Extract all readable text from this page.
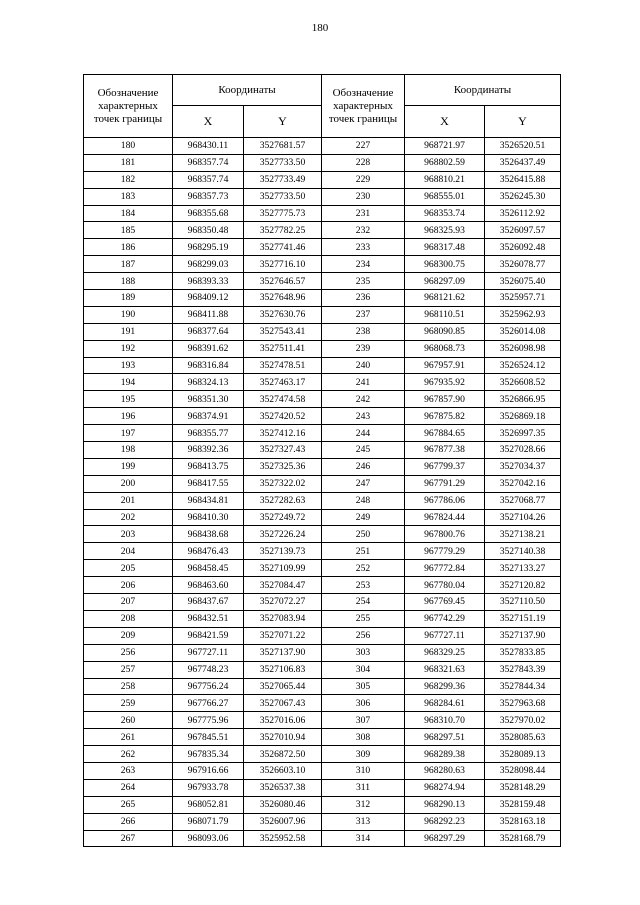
180
Обозначение характерных точек границы	Координаты		Обозначение характерных точек границы	Координаты	
	X	Y		X	Y
180	968430.11	3527681.57	227	968721.97	3526520.51
181	968357.74	3527733.50	228	968802.59	3526437.49
182	968357.74	3527733.49	229	968810.21	3526415.88
183	968357.73	3527733.50	230	968555.01	3526245.30
184	968355.68	3527775.73	231	968353.74	3526112.92
185	968350.48	3527782.25	232	968325.93	3526097.57
186	968295.19	3527741.46	233	968317.48	3526092.48
187	968299.03	3527716.10	234	968300.75	3526078.77
188	968393.33	3527646.57	235	968297.09	3526075.40
189	968409.12	3527648.96	236	968121.62	3525957.71
190	968411.88	3527630.76	237	968110.51	3525962.93
191	968377.64	3527543.41	238	968090.85	3526014.08
192	968391.62	3527511.41	239	968068.73	3526098.98
193	968316.84	3527478.51	240	967957.91	3526524.12
194	968324.13	3527463.17	241	967935.92	3526608.52
195	968351.30	3527474.58	242	967857.90	3526866.95
196	968374.91	3527420.52	243	967875.82	3526869.18
197	968355.77	3527412.16	244	967884.65	3526997.35
198	968392.36	3527327.43	245	967877.38	3527028.66
199	968413.75	3527325.36	246	967799.37	3527034.37
200	968417.55	3527322.02	247	967791.29	3527042.16
201	968434.81	3527282.63	248	967786.06	3527068.77
202	968410.30	3527249.72	249	967824.44	3527104.26
203	968438.68	3527226.24	250	967800.76	3527138.21
204	968476.43	3527139.73	251	967779.29	3527140.38
205	968458.45	3527109.99	252	967772.84	3527133.27
206	968463.60	3527084.47	253	967780.04	3527120.82
207	968437.67	3527072.27	254	967769.45	3527110.50
208	968432.51	3527083.94	255	967742.29	3527151.19
209	968421.59	3527071.22	256	967727.11	3527137.90
256	967727.11	3527137.90	303	968329.25	3527833.85
257	967748.23	3527106.83	304	968321.63	3527843.39
258	967756.24	3527065.44	305	968299.36	3527844.34
259	967766.27	3527067.43	306	968284.61	3527963.68
260	967775.96	3527016.06	307	968310.70	3527970.02
261	967845.51	3527010.94	308	968297.51	3528085.63
262	967835.34	3526872.50	309	968289.38	3528089.13
263	967916.66	3526603.10	310	968280.63	3528098.44
264	967933.78	3526537.38	311	968274.94	3528148.29
265	968052.81	3526080.46	312	968290.13	3528159.48
266	968071.79	3526007.96	313	968292.23	3528163.18
267	968093.06	3525952.58	314	968297.29	3528168.79
